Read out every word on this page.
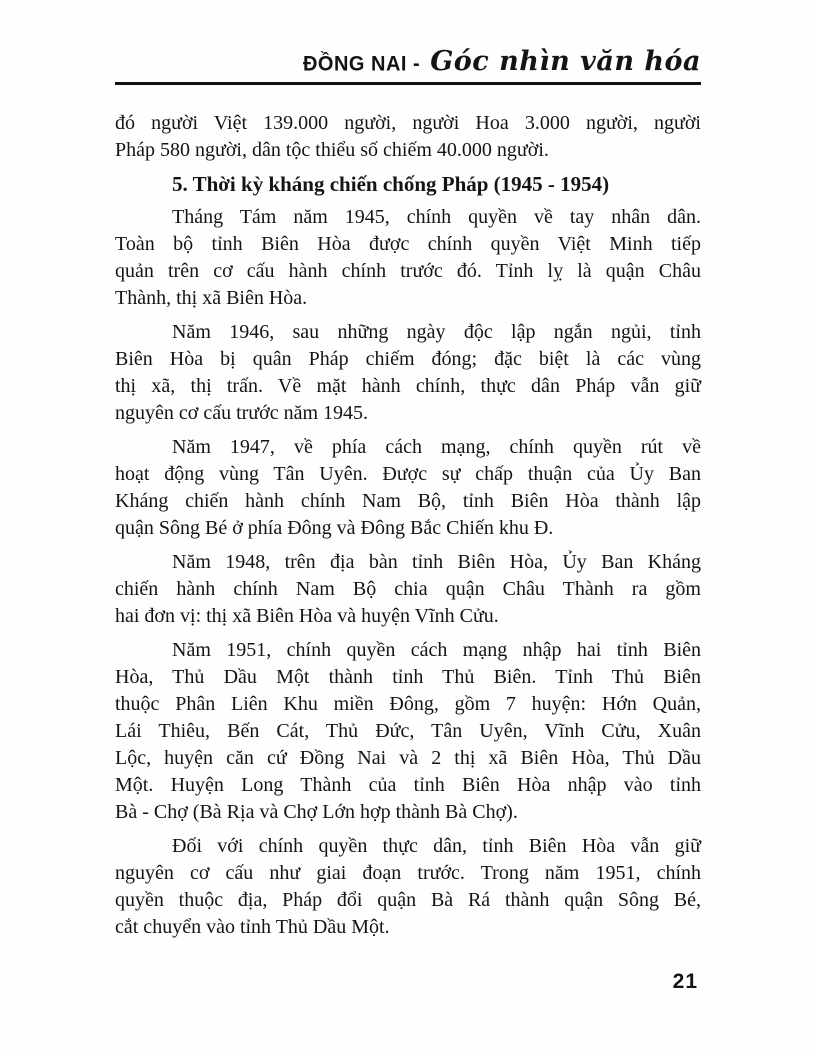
ĐỒNG NAI - Góc nhìn văn hóa

đó người Việt 139.000 người, người Hoa 3.000 người, người
Pháp 580 người, dân tộc thiểu số chiếm 40.000 người.

5. Thời kỳ kháng chiến chống Pháp (1945 - 1954)

Tháng Tám năm 1945, chính quyền về tay nhân dân.
Toàn bộ tỉnh Biên Hòa được chính quyền Việt Minh tiếp
quản trên cơ cấu hành chính trước đó. Tỉnh lỵ là quận Châu
Thành, thị xã Biên Hòa.

Năm 1946, sau những ngày độc lập ngắn ngủi, tỉnh
Biên Hòa bị quân Pháp chiếm đóng; đặc biệt là các vùng
thị xã, thị trấn. Về mặt hành chính, thực dân Pháp vẫn giữ
nguyên cơ cấu trước năm 1945.

Năm 1947, về phía cách mạng, chính quyền rút về
hoạt động vùng Tân Uyên. Được sự chấp thuận của Ủy Ban
Kháng chiến hành chính Nam Bộ, tỉnh Biên Hòa thành lập
quận Sông Bé ở phía Đông và Đông Bắc Chiến khu Đ.

Năm 1948, trên địa bàn tỉnh Biên Hòa, Ủy Ban Kháng
chiến hành chính Nam Bộ chia quận Châu Thành ra gồm
hai đơn vị: thị xã Biên Hòa và huyện Vĩnh Cửu.

Năm 1951, chính quyền cách mạng nhập hai tỉnh Biên
Hòa, Thủ Dầu Một thành tỉnh Thủ Biên. Tỉnh Thủ Biên
thuộc Phân Liên Khu miền Đông, gồm 7 huyện: Hớn Quản,
Lái Thiêu, Bến Cát, Thủ Đức, Tân Uyên, Vĩnh Cửu, Xuân
Lộc, huyện căn cứ Đồng Nai và 2 thị xã Biên Hòa, Thủ Dầu
Một. Huyện Long Thành của tỉnh Biên Hòa nhập vào tỉnh
Bà - Chợ (Bà Rịa và Chợ Lớn hợp thành Bà Chợ).

Đối với chính quyền thực dân, tỉnh Biên Hòa vẫn giữ
nguyên cơ cấu như giai đoạn trước. Trong năm 1951, chính
quyền thuộc địa, Pháp đổi quận Bà Rá thành quận Sông Bé,
cắt chuyển vào tỉnh Thủ Dầu Một.

21
